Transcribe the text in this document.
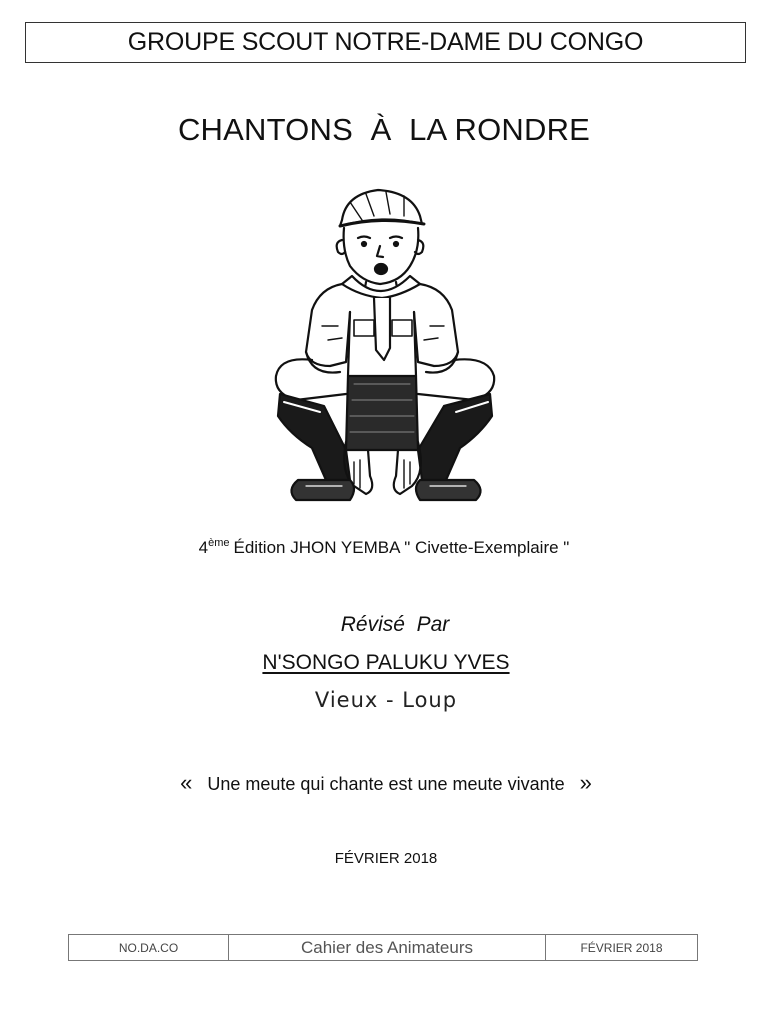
GROUPE SCOUT NOTRE-DAME DU CONGO
CHANTONS  À  LA RONDRE
4ème Édition JHON YEMBA " Civette-Exemplaire "
Révisé  Par
N'SONGO PALUKU YVES
Vieux - Loup
« Une meute qui chante est une meute vivante »
FÉVRIER 2018
NO.DA.CO	Cahier des Animateurs	FÉVRIER 2018
